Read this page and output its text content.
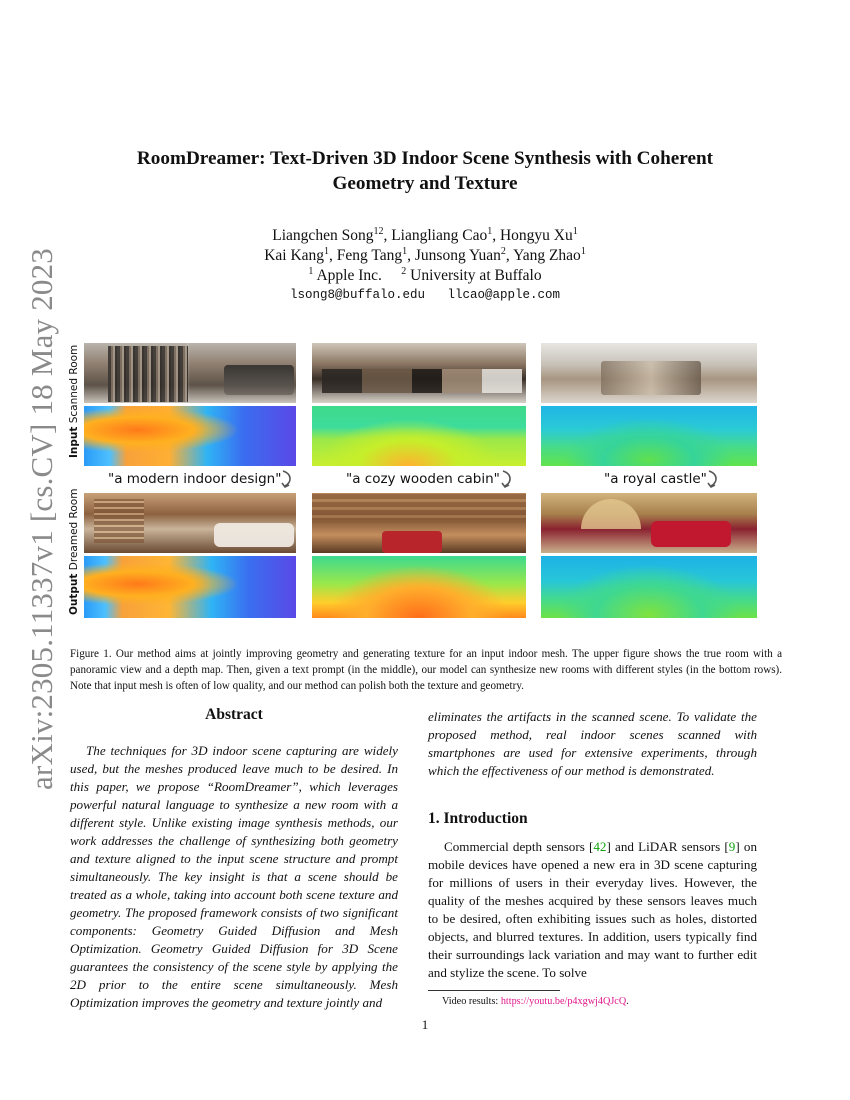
arXiv:2305.11337v1 [cs.CV] 18 May 2023
RoomDreamer: Text-Driven 3D Indoor Scene Synthesis with Coherent
Geometry and Texture
Liangchen Song$^{12}$, Liangliang Cao$^1$, Hongyu Xu$^1$
Kai Kang$^1$, Feng Tang$^1$, Junsong Yuan$^2$, Yang Zhao$^1$
$^1$ Apple Inc. $^2$ University at Buffalo
lsong8@buffalo.edu   llcao@apple.com
Input Scanned Room
Output Dreamed Room
"a modern indoor design"	"a cozy wooden cabin"	"a royal castle"
Figure 1. Our method aims at jointly improving geometry and generating texture for an input indoor mesh. The upper figure shows the true room with a panoramic view and a depth map. Then, given a text prompt (in the middle), our model can synthesize new rooms with different styles (in the bottom rows). Note that input mesh is often of low quality, and our method can polish both the texture and geometry.
Abstract
The techniques for 3D indoor scene capturing are widely used, but the meshes produced leave much to be desired. In this paper, we propose “RoomDreamer”, which leverages powerful natural language to synthesize a new room with a different style. Unlike existing image synthesis methods, our work addresses the challenge of synthesizing both geometry and texture aligned to the input scene structure and prompt simultaneously. The key insight is that a scene should be treated as a whole, taking into account both scene texture and geometry. The proposed framework consists of two significant components: Geometry Guided Diffusion and Mesh Optimization. Geometry Guided Diffusion for 3D Scene guarantees the consistency of the scene style by applying the 2D prior to the entire scene simultaneously. Mesh Optimization improves the geometry and texture jointly and
eliminates the artifacts in the scanned scene. To validate the proposed method, real indoor scenes scanned with smartphones are used for extensive experiments, through which the effectiveness of our method is demonstrated.
1. Introduction
Commercial depth sensors [42] and LiDAR sensors [9] on mobile devices have opened a new era in 3D scene capturing for millions of users in their everyday lives. However, the quality of the meshes acquired by these sensors leaves much to be desired, often exhibiting issues such as holes, distorted objects, and blurred textures. In addition, users typically find their surroundings lack variation and may want to further edit and stylize the scene. To solve
Video results: https://youtu.be/p4xgwj4QJcQ.
1
